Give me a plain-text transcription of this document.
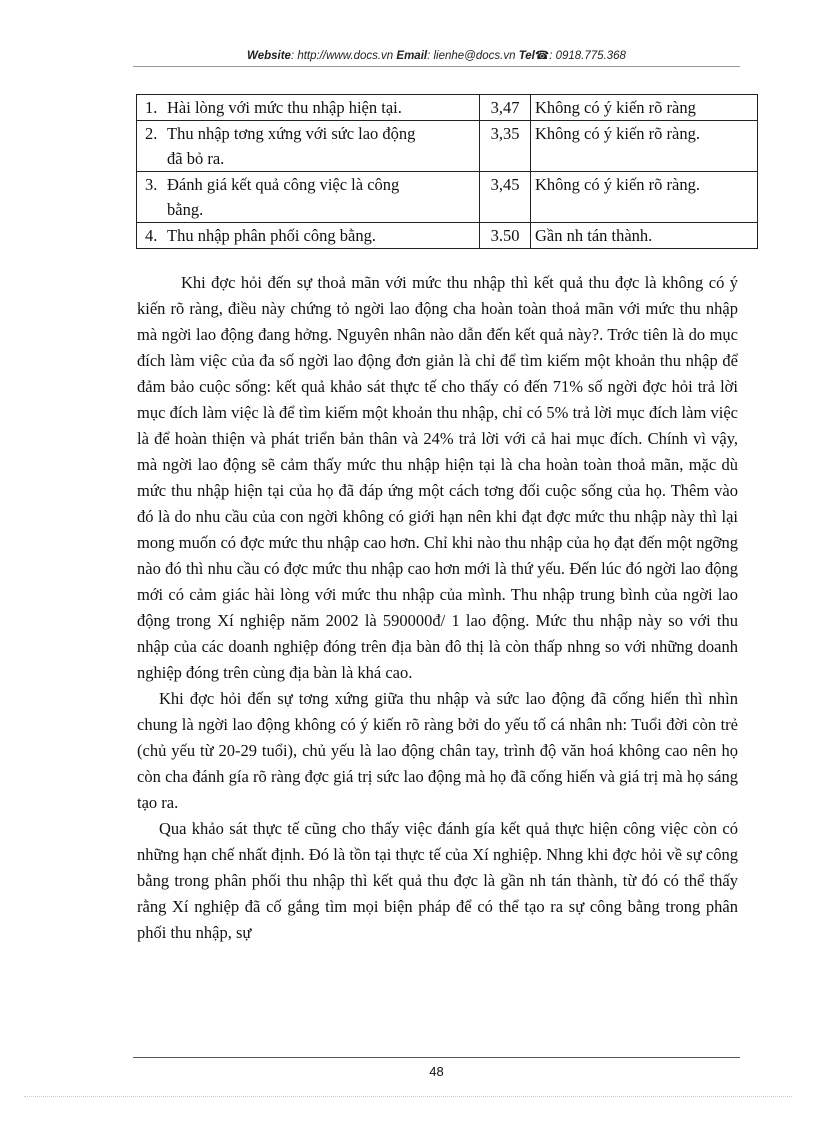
Website: http://www.docs.vn Email: lienhe@docs.vn Tel☎: 0918.775.368
1. Hài lòng với mức thu nhập hiện tại.	3,47	Không có ý kiến rõ ràng

2. Thu nhập tơng xứng với sức lao động
đã bỏ ra.	3,35	Không có ý kiến rõ ràng.

3. Đánh giá kết quả công việc là công
bằng.	3,45	Không có ý kiến rõ ràng.

4. Thu nhập phân phối công bằng.	3.50	Gần nh tán thành.

Khi đợc hỏi đến sự thoả mãn với mức thu nhập thì kết quả thu đợc là không có ý kiến rõ ràng, điều này chứng tỏ ngời lao động cha hoàn toàn thoả mãn với mức thu nhập mà ngời lao động đang hởng. Nguyên nhân nào dẫn đến kết quả này?. Trớc tiên là do mục đích làm việc của đa số ngời lao động đơn giản là chỉ để tìm kiếm một khoản thu nhập để đảm bảo cuộc sống: kết quả khảo sát thực tế cho thấy có đến 71% số ngời đợc hỏi trả lời mục đích làm việc là để tìm kiếm một khoản thu nhập, chỉ có 5% trả lời mục đích làm việc là để hoàn thiện và phát triển bản thân và 24% trả lời với cả hai mục đích. Chính vì vậy, mà ngời lao động sẽ cảm thấy mức thu nhập hiện tại là cha hoàn toàn thoả mãn, mặc dù mức thu nhập hiện tại của họ đã đáp ứng một cách tơng đối cuộc sống của họ. Thêm vào đó là do nhu cầu của con ngời không có giới hạn nên khi đạt đợc mức thu nhập này thì lại mong muốn có đợc mức thu nhập cao hơn. Chỉ khi nào thu nhập của họ đạt đến một ngỡng nào đó thì nhu cầu có đợc mức thu nhập cao hơn mới là thứ yếu. Đến lúc đó ngời lao động mới có cảm giác hài lòng với mức thu nhập của mình. Thu nhập trung bình của ngời lao động trong Xí nghiệp năm 2002 là 590000đ/ 1 lao động. Mức thu nhập này so với thu nhập của các doanh nghiệp đóng trên địa bàn đô thị là còn thấp nhng so với những doanh nghiệp đóng trên cùng địa bàn là khá cao.

Khi đợc hỏi đến sự tơng xứng giữa thu nhập và sức lao động đã cống hiến thì nhìn chung là ngời lao động không có ý kiến rõ ràng bởi do yếu tố cá nhân nh: Tuổi đời còn trẻ (chủ yếu từ 20-29 tuổi), chủ yếu là lao động chân tay, trình độ văn hoá không cao nên họ còn cha đánh gía rõ ràng đợc giá trị sức lao động mà họ đã cống hiến và giá trị mà họ sáng tạo ra.

Qua khảo sát thực tế cũng cho thấy việc đánh gía kết quả thực hiện công việc còn có những hạn chế nhất định. Đó là tồn tại thực tế của Xí nghiệp. Nhng khi đợc hỏi về sự công bằng trong phân phối thu nhập thì kết quả thu đợc là gần nh tán thành, từ đó có thể thấy rằng Xí nghiệp đã cố gắng tìm mọi biện pháp để có thể tạo ra sự công bằng trong phân phối thu nhập, sự

48
